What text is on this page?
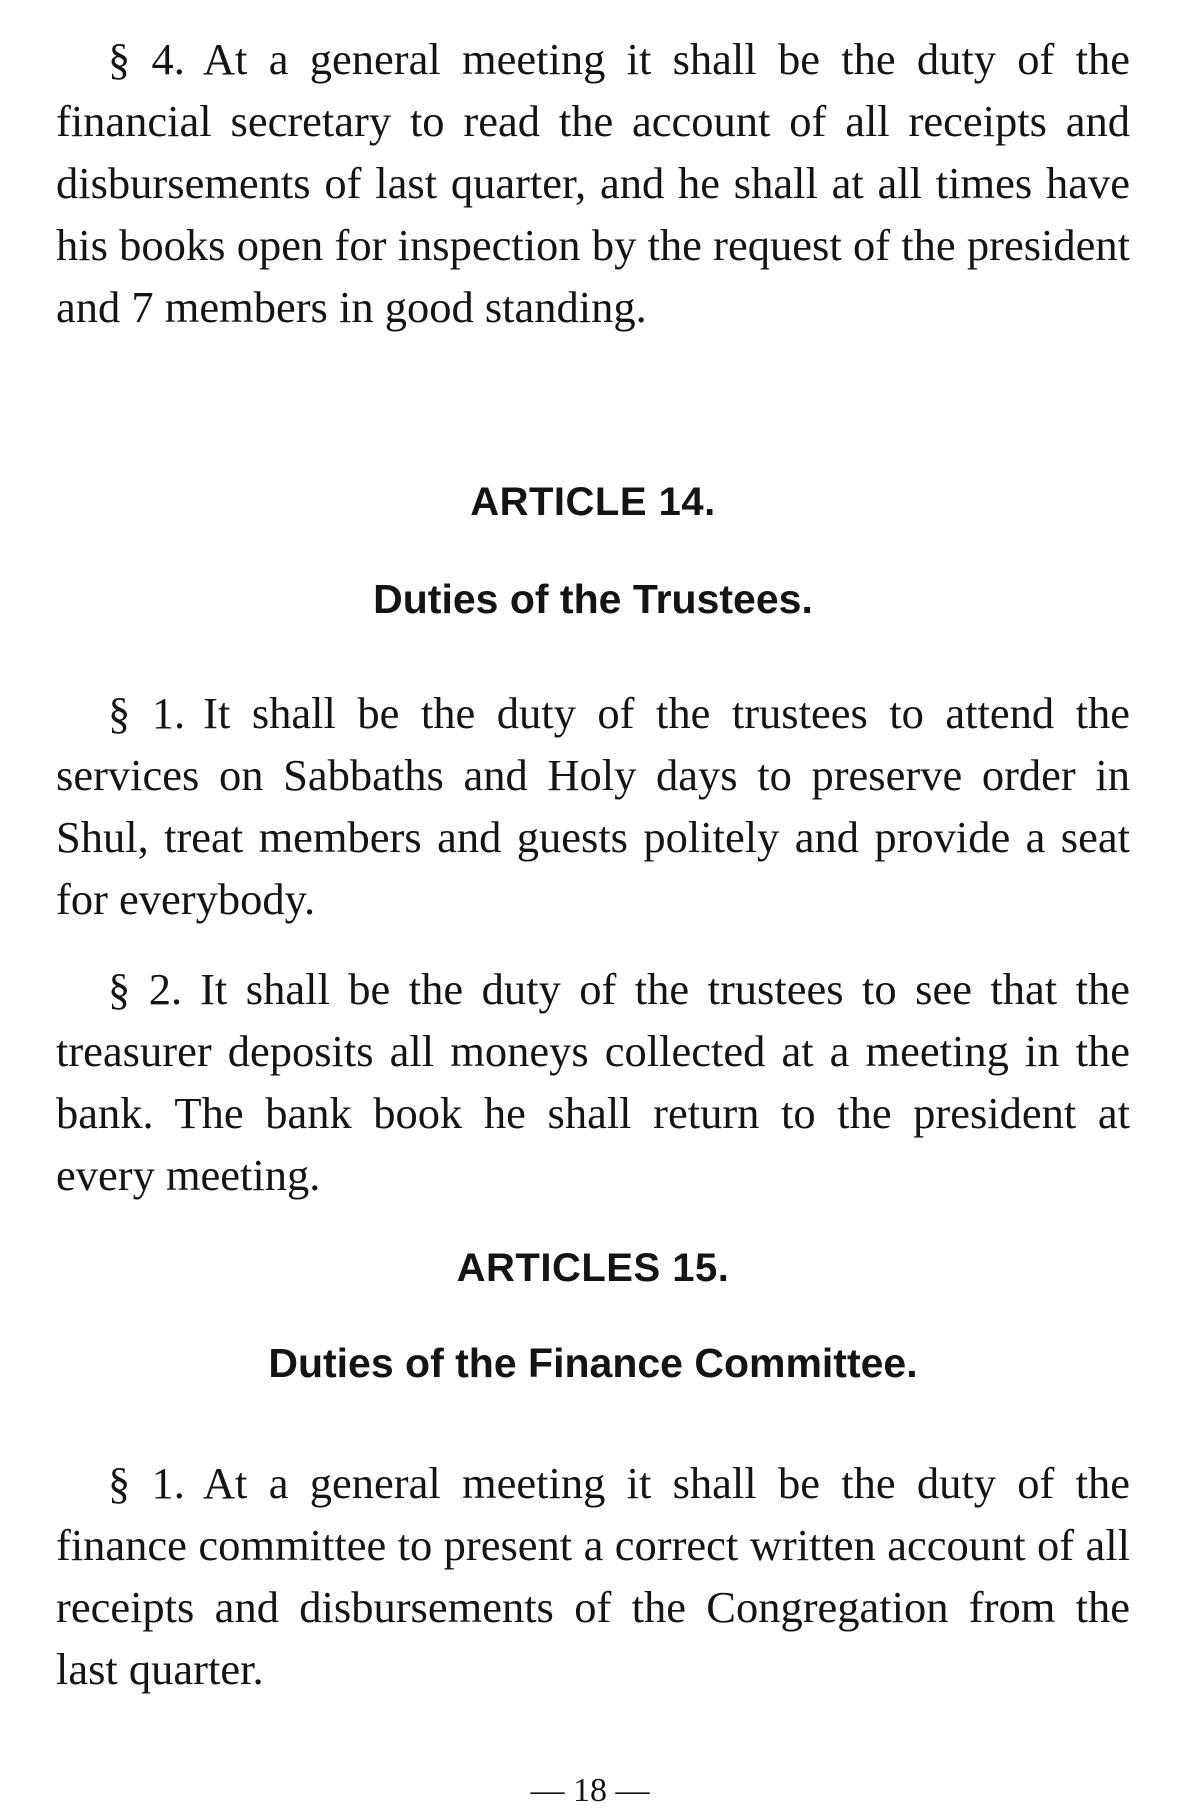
§ 4. At a general meeting it shall be the duty of the financial secretary to read the account of all receipts and disbursements of last quarter, and he shall at all times have his books open for inspection by the request of the president and 7 members in good standing.

ARTICLE 14.
Duties of the Trustees.

§ 1. It shall be the duty of the trustees to attend the services on Sabbaths and Holy days to preserve order in Shul, treat members and guests politely and provide a seat for everybody.

§ 2. It shall be the duty of the trustees to see that the treasurer deposits all moneys collected at a meeting in the bank. The bank book he shall return to the president at every meeting.

ARTICLES 15.
Duties of the Finance Committee.

§ 1. At a general meeting it shall be the duty of the finance committee to present a correct written account of all receipts and disbursements of the Congregation from the last quarter.

— 18 —
